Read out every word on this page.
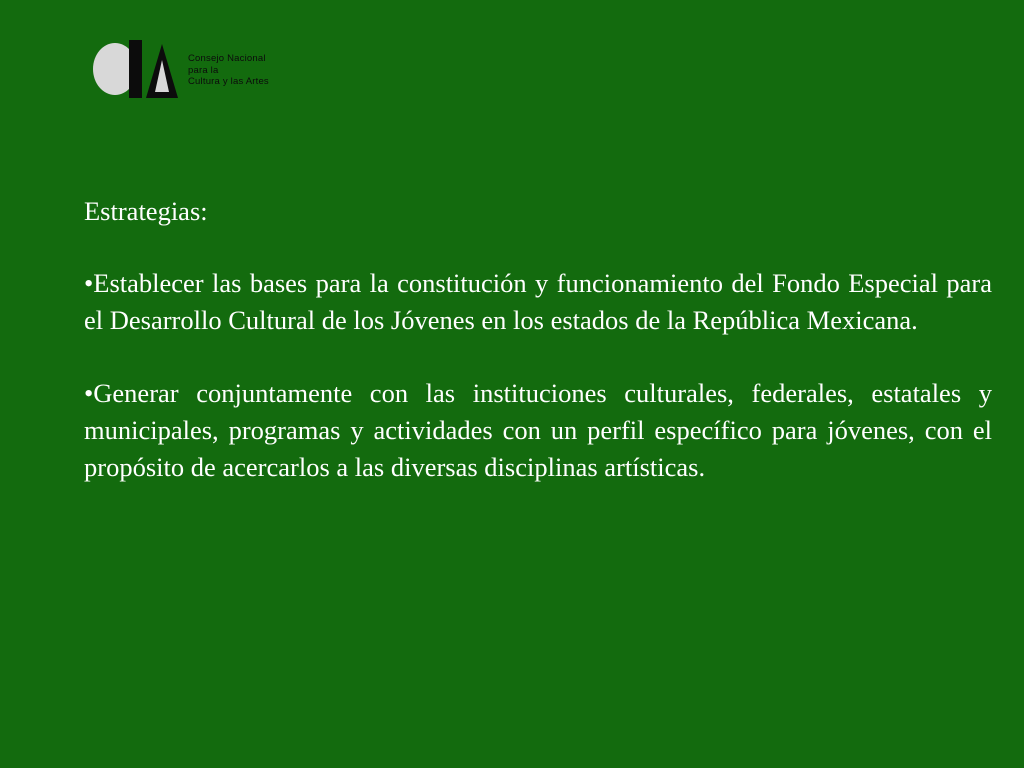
Consejo Nacional
para la
Cultura y las Artes

Estrategias:

•Establecer las bases para la constitución y funcionamiento del Fondo Especial para el Desarrollo Cultural de los Jóvenes en los estados de la República Mexicana.

•Generar conjuntamente con las instituciones culturales, federales, estatales y municipales, programas y actividades con un perfil específico para jóvenes, con el propósito de acercarlos a las diversas disciplinas artísticas.
